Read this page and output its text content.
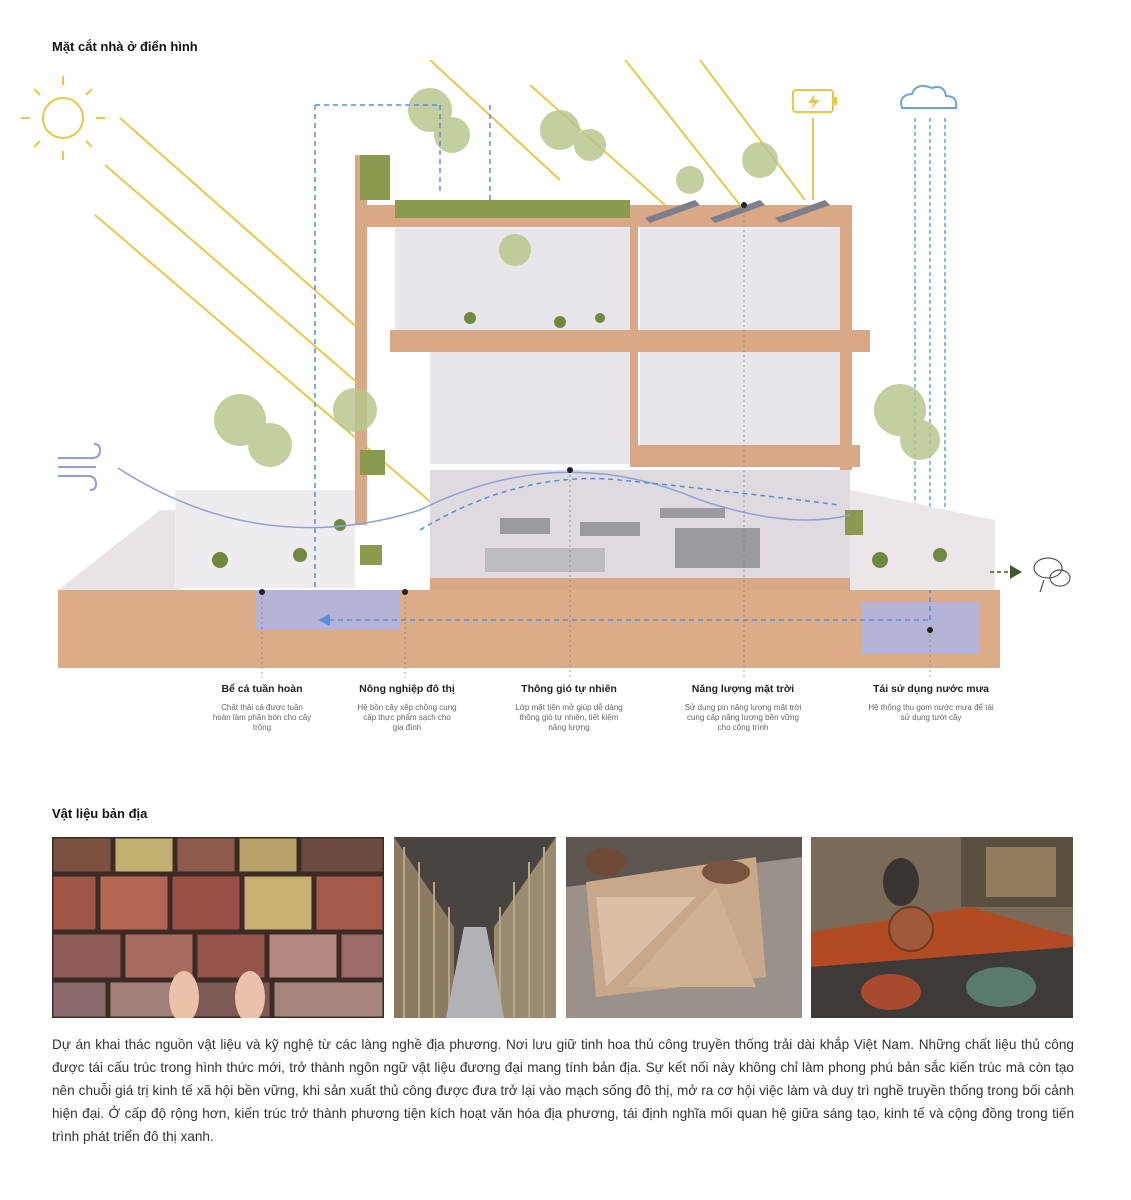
Mặt cắt nhà ở điển hình
Bể cá tuần hoàn
Chất thải cá được tuần hoàn làm phân bón cho cây trồng
Nông nghiệp đô thị
Hệ bồn cây xếp chồng cung cấp thực phẩm sạch cho gia đình
Thông gió tự nhiên
Lớp mặt tiền mở giúp dễ dàng thông gió tự nhiên, tiết kiệm năng lượng
Năng lượng mặt trời
Sử dụng pin năng lượng mặt trời cung cấp năng lượng bền vững cho công trình
Tái sử dụng nước mưa
Hệ thống thu gom nước mưa để tái sử dụng tưới cây
Vật liệu bản địa
Dự án khai thác nguồn vật liệu và kỹ nghệ từ các làng nghề địa phương. Nơi lưu giữ tinh hoa thủ công truyền thống trải dài khắp Việt Nam. Những chất liệu thủ công được tái cấu trúc trong hình thức mới, trở thành ngôn ngữ vật liệu đương đại mang tính bản địa. Sự kết nối này không chỉ làm phong phú bản sắc kiến trúc mà còn tạo nên chuỗi giá trị kinh tế xã hội bền vững, khi sản xuất thủ công được đưa trở lại vào mạch sống đô thị, mở ra cơ hội việc làm và duy trì nghề truyền thống trong bối cảnh hiện đại. Ở cấp độ rộng hơn, kiến trúc trở thành phương tiện kích hoạt văn hóa địa phương, tái định nghĩa mối quan hệ giữa sáng tạo, kinh tế và cộng đồng trong tiến trình phát triển đô thị xanh.
